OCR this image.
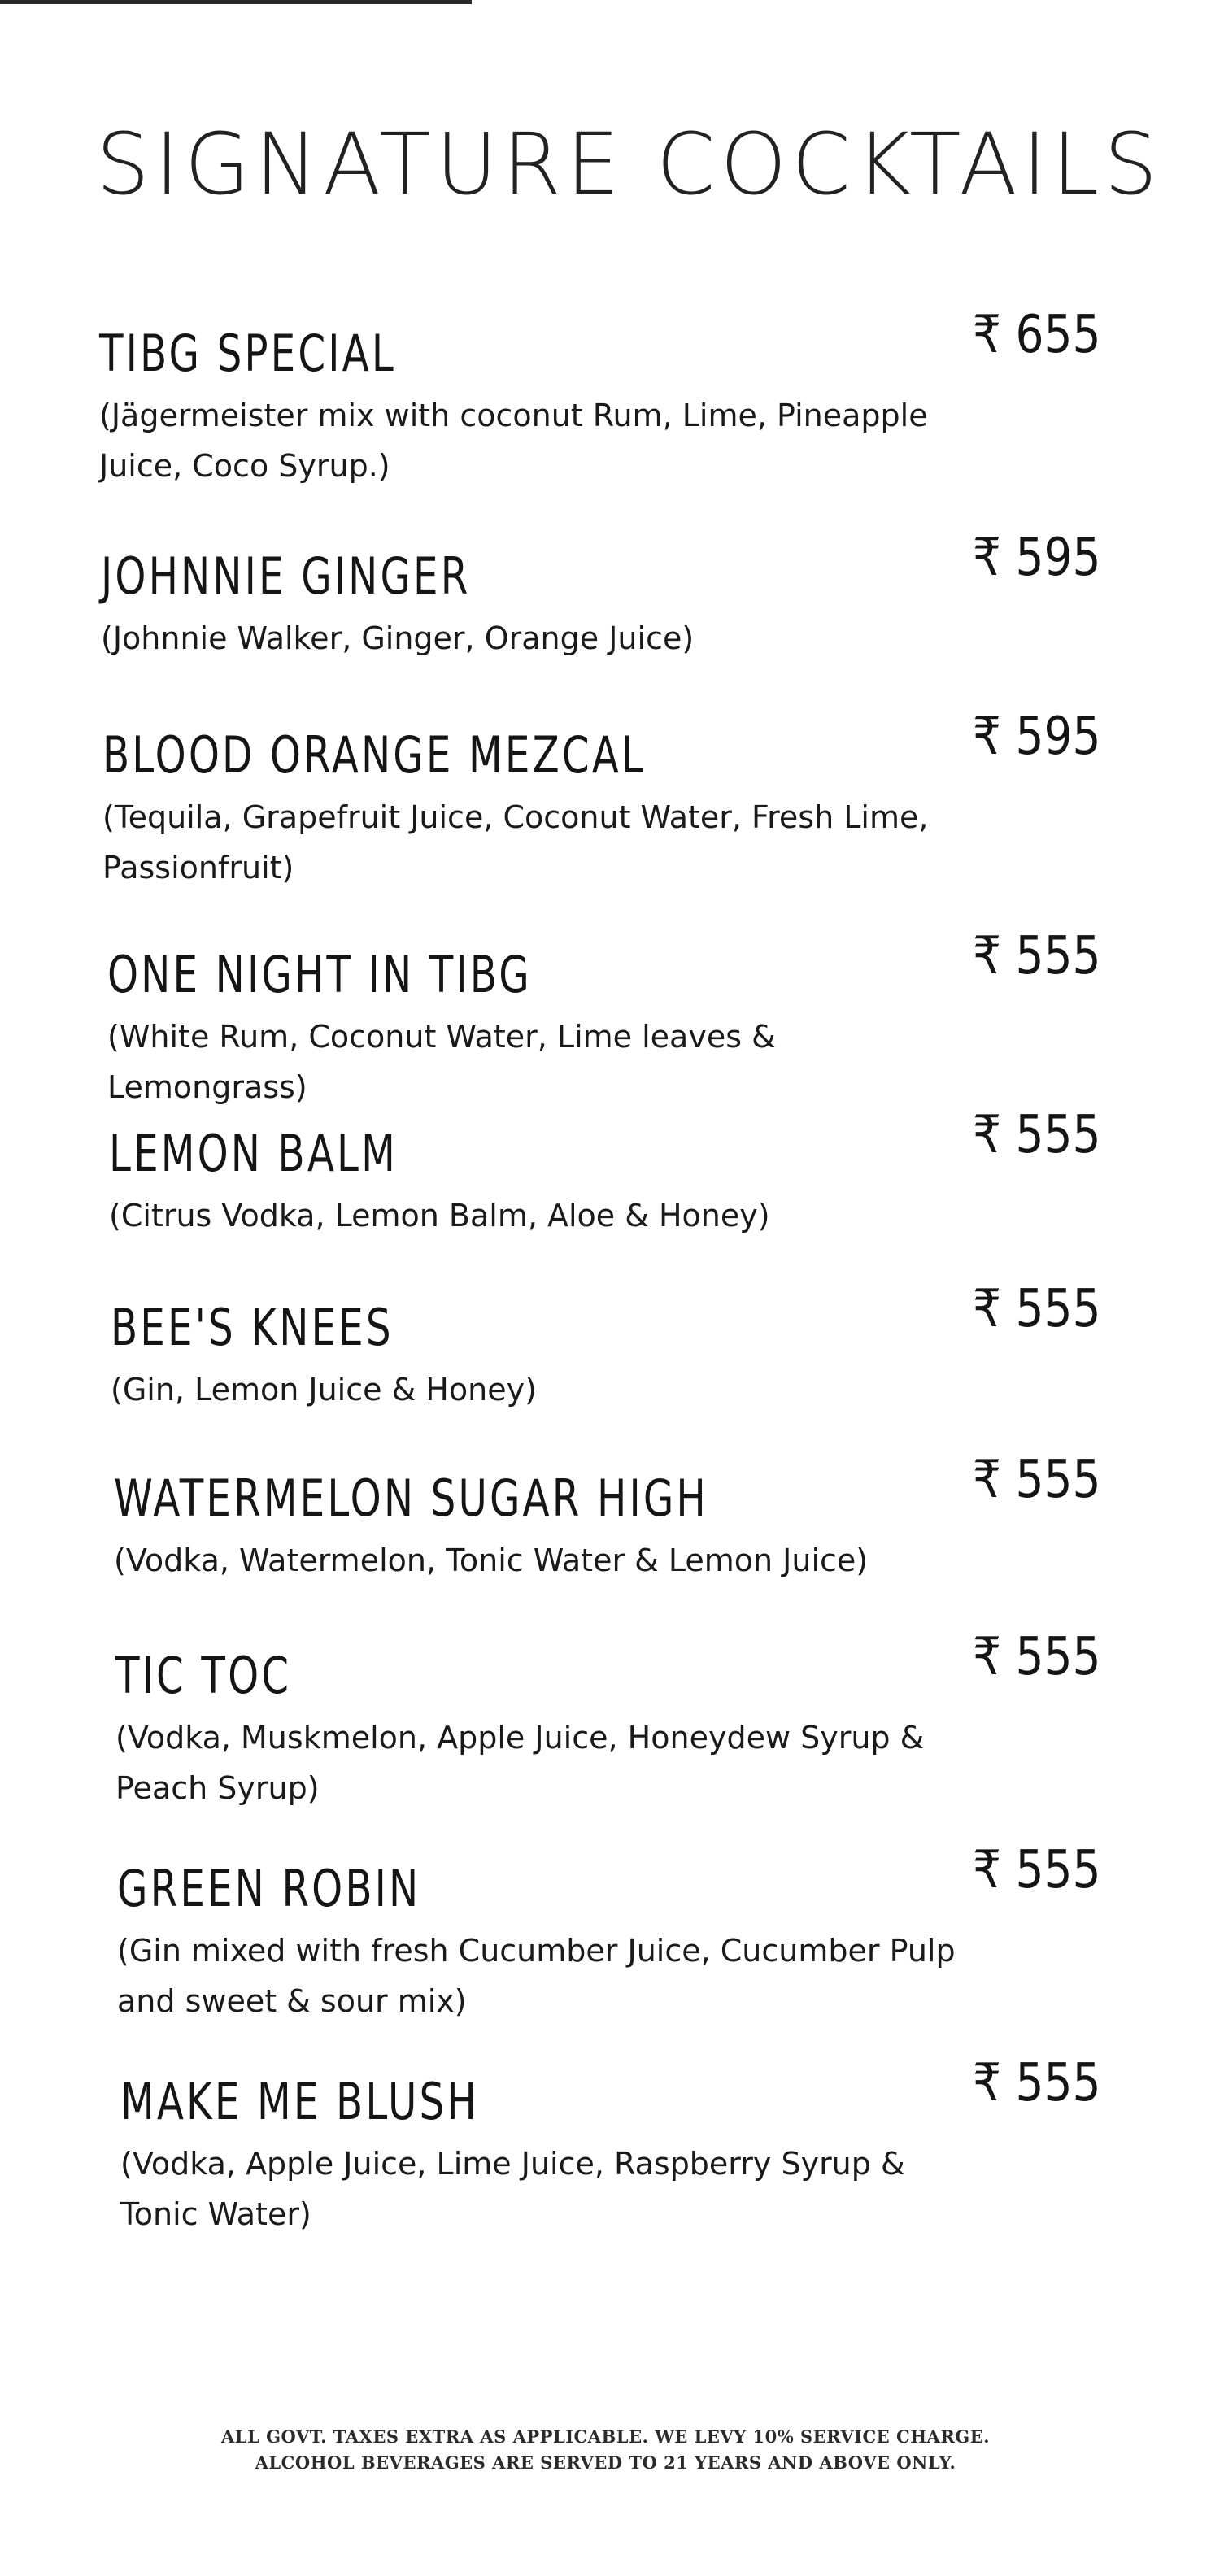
SIGNATURE COCKTAILS
TIBG SPECIAL

(Jägermeister mix with coconut Rum, Lime, Pineapple Juice, Coco Syrup.)

₹ 655
JOHNNIE GINGER

(Johnnie Walker, Ginger, Orange Juice)

₹ 595
BLOOD ORANGE MEZCAL

(Tequila, Grapefruit Juice, Coconut Water, Fresh Lime, Passionfruit)

₹ 595
ONE NIGHT IN TIBG

(White Rum, Coconut Water, Lime leaves & Lemongrass)

₹ 555
LEMON BALM

(Citrus Vodka, Lemon Balm, Aloe & Honey)

₹ 555
BEE'S KNEES

(Gin, Lemon Juice & Honey)

₹ 555
WATERMELON SUGAR HIGH

(Vodka, Watermelon, Tonic Water & Lemon Juice)

₹ 555
TIC TOC

(Vodka, Muskmelon, Apple Juice, Honeydew Syrup & Peach Syrup)

₹ 555
GREEN ROBIN

(Gin mixed with fresh Cucumber Juice, Cucumber Pulp and sweet & sour mix)

₹ 555
MAKE ME BLUSH

(Vodka, Apple Juice, Lime Juice, Raspberry Syrup & Tonic Water)

₹ 555

ALL GOVT. TAXES EXTRA AS APPLICABLE. WE LEVY 10% SERVICE CHARGE.

ALCOHOL BEVERAGES ARE SERVED TO 21 YEARS AND ABOVE ONLY.
